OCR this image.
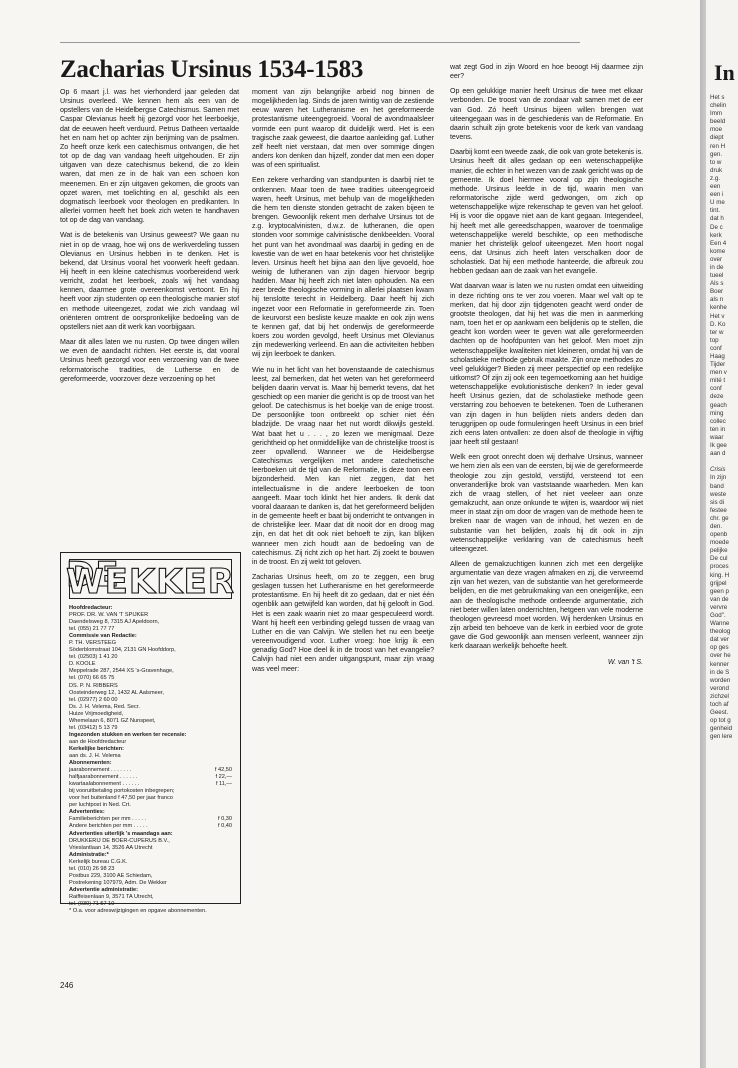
Zacharias Ursinus 1534-1583

Op 6 maart j.l. was het vierhonderd jaar geleden dat Ursinus overleed. We kennen hem als een van de opstellers van de Heidelbergse Catechismus. Samen met Caspar Olevianus heeft hij gezorgd voor het leerboekje, dat de eeuwen heeft verduurd. Petrus Datheen vertaalde het en nam het op achter zijn berijming van de psalmen. Zo heeft onze kerk een catechismus ontvangen, die het tot op de dag van vandaag heeft uitgehouden. Er zijn uitgaven van deze catechismus bekend, die zo klein waren, dat men ze in de hak van een schoen kon meenemen. En er zijn uitgaven gekomen, die groots van opzet waren, met toelichting en al, geschikt als een dogmatisch leerboek voor theologen en predikanten. In allerlei vormen heeft het boek zich weten te handhaven tot op de dag van vandaag.

Wat is de betekenis van Ursinus geweest? We gaan nu niet in op de vraag, hoe wij ons de werkverdeling tussen Olevianus en Ursinus hebben in te denken. Het is bekend, dat Ursinus vooral het voorwerk heeft gedaan. Hij heeft in een kleine catechismus voorbereidend werk verricht, zodat het leerboek, zoals wij het vandaag kennen, daarmee grote overeenkomst vertoont. En hij heeft voor zijn studenten op een theologische manier stof en methode uiteengezet, zodat wie zich vandaag wil oriënteren omtrent de oorspronkelijke bedoeling van de opstellers niet aan dit werk kan voorbijgaan.

Maar dit alles laten we nu rusten. Op twee dingen willen we even de aandacht richten. Het eerste is, dat vooral Ursinus heeft gezorgd voor een verzoening van de twee reformatorische tradities, de Lutherse en de gereformeerde, voorzover deze verzoening op het

moment van zijn belangrijke arbeid nog binnen de mogelijkheden lag. Sinds de jaren twintig van de zestiende eeuw waren het Lutheranisme en het gereformeerde protestantisme uiteengegroeid. Vooral de avondmaalsleer vormde een punt waarop dit duidelijk werd. Het is een tragische zaak geweest, die daartoe aanleiding gaf. Luther zelf heeft niet verstaan, dat men over sommige dingen anders kon denken dan hijzelf, zonder dat men een doper was of een spiritualist.

Een zekere verharding van standpunten is daarbij niet te ontkennen. Maar toen de twee tradities uiteengegroeid waren, heeft Ursinus, met behulp van de mogelijkheden die hem ten dienste stonden getracht de zaken bijeen te brengen. Gewoonlijk rekent men derhalve Ursinus tot de z.g. kryptocalvinisten, d.w.z. de lutheranen, die open stonden voor sommige calvinistische denkbeelden. Vooral het punt van het avondmaal was daarbij in geding en de kwestie van de wet en haar betekenis voor het christelijke leven. Ursinus heeft het bijna aan den lijve gevoeld, hoe weinig de lutheranen van zijn dagen hiervoor begrip hadden. Maar hij heeft zich niet laten ophouden. Na een zeer brede theologische vorming in allerlei plaatsen kwam hij tenslotte terecht in Heidelberg. Daar heeft hij zich ingezet voor een Reformatie in gereformeerde zin. Toen de keurvorst een besliste keuze maakte en ook zijn wens te kennen gaf, dat bij het onderwijs de gereformeerde koers zou worden gevolgd, heeft Ursinus met Olevianus zijn medewerking verleend. En aan die activiteiten hebben wij zijn leerboek te danken.

Wie nu in het licht van het bovenstaande de catechismus leest, zal bemerken, dat het weten van het gereformeerd belijden daarin vervat is. Maar hij bemerkt tevens, dat het geschiedt op een manier die gericht is op de troost van het geloof. De catechismus is het boekje van de enige troost. De persoonlijke toon ontbreekt op schier niet één bladzijde. De vraag naar het nut wordt dikwijls gesteld. Wat baat het u . . . , zo lezen we menigmaal. Deze gerichtheid op het onmiddellijke van de christelijke troost is zeer opvallend. Wanneer we de Heidelbergse Catechismus vergelijken met andere catechetische leerboeken uit de tijd van de Reformatie, is deze toon een bijzonderheid. Men kan niet zeggen, dat het intellectualisme in die andere leerboeken de toon aangeeft. Maar toch klinkt het hier anders. Ik denk dat vooral daaraan te danken is, dat het gereformeerd belijden in de gemeente heeft er baat bij onderricht te ontvangen in de christelijke leer. Maar dat dit nooit dor en droog mag zijn, en dat het dit ook niet behoeft te zijn, kan blijken wanneer men zich houdt aan de bedoeling van de catechismus. Zij richt zich op het hart. Zij zoekt te bouwen in de troost. En zij wekt tot geloven.

Zacharias Ursinus heeft, om zo te zeggen, een brug geslagen tussen het Lutheranisme en het gereformeerde protestantisme. En hij heeft dit zo gedaan, dat er niet één ogenblik aan getwijfeld kan worden, dat hij gelooft in God. Het is een zaak waarin niet zo maar gespeculeerd wordt. Want hij heeft een verbinding gelegd tussen de vraag van Luther en die van Calvijn. We stellen het nu een beetje vereenvoudigend voor. Luther vroeg: hoe krijg ik een genadig God? Hoe deel ik in de troost van het evangelie? Calvijn had niet een ander uitgangspunt, maar zijn vraag was veel meer:

wat zegt God in zijn Woord en hoe beoogt Hij daarmee zijn eer?

Op een gelukkige manier heeft Ursinus die twee met elkaar verbonden. De troost van de zondaar valt samen met de eer van God. Zó heeft Ursinus bijeen willen brengen wat uiteengegaan was in de geschiedenis van de Reformatie. En daarin schuilt zijn grote betekenis voor de kerk van vandaag tevens.

Daarbij komt een tweede zaak, die ook van grote betekenis is. Ursinus heeft dit alles gedaan op een wetenschappelijke manier, die echter in het wezen van de zaak gericht was op de gemeente. Ik doel hiermee vooral op zijn theologische methode. Ursinus leefde in de tijd, waarin men van reformatorische zijde werd gedwongen, om zich op wetenschappelijke wijze rekenschap te geven van het geloof. Hij is voor die opgave niet aan de kant gegaan. Integendeel, hij heeft met alle gereedschappen, waarover de toenmalige wetenschappelijke wereld beschikte, op een methodische manier het christelijk geloof uiteengezet. Men hoort nogal eens, dat Ursinus zich heeft laten verschalken door de scholastiek. Dat hij een methode hanteerde, die afbreuk zou hebben gedaan aan de zaak van het evangelie.

Wat daarvan waar is laten we nu rusten omdat een uitweiding in deze richting ons te ver zou voeren. Maar wel valt op te merken, dat hij door zijn tijdgenoten geacht werd onder de grootste theologen, dat hij het was die men in aanmerking nam, toen het er op aankwam een belijdenis op te stellen, die geacht kon worden weer te geven wat alle gereformeerden dachten op de hoofdpunten van het geloof. Men moet zijn wetenschappelijke kwaliteiten niet kleineren, omdat hij van de scholastieke methode gebruik maakte. Zijn onze methodes zo veel gelukkiger? Bieden zij meer perspectief op een redelijke uitkomst? Of zijn zij ook een tegemoetkoming aan het huidige wetenschappelijke evolutionistische denken? In ieder geval heeft Ursinus gezien, dat de scholastieke methode geen verstarring zou behoeven te betekenen. Toen de Lutheranen van zijn dagen in hun belijden niets anders deden dan teruggrijpen op oude formuleringen heeft Ursinus in een brief zich eens laten ontvallen: ze doen alsof de theologie in vijftig jaar heeft stil gestaan!

Welk een groot onrecht doen wij derhalve Ursinus, wanneer we hem zien als een van de eersten, bij wie de gereformeerde theologie zou zijn gestold, verstijfd, versteend tot een onveranderlijke brok van vaststaande waarheden. Men kan zich de vraag stellen, of het niet veeleer aan onze gemakzucht, aan onze onkunde te wijten is, waardoor wij niet meer in staat zijn om door de vragen van de methode heen te breken naar de vragen van de inhoud, het wezen en de substantie van het belijden, zoals hij dit ook in zijn wetenschappelijke verklaring van de catechismus heeft uiteengezet.

Alleen de gemakzuchtigen kunnen zich met een dergelijke argumentatie van deze vragen afmaken en zij, die vervreemd zijn van het wezen, van de substantie van het gereformeerde belijden, en die met gebruikmaking van een oneigenlijke, een aan de theologische methode ontleende argumentatie, zich niet beter willen laten onderrichten, hetgeen van vele moderne theologen gevreesd moet worden. Wij herdenken Ursinus en zijn arbeid ten behoeve van de kerk in eerbied voor de grote gave die God gewoonlijk aan mensen verleent, wanneer zijn kerk daaraan werkelijk behoefte heeft.

W. van 't S.
DE WEKKER
Hoofdredacteur:
PROF. DR. W. VAN 'T SPIJKER
Daendelsweg 8, 7315 AJ Apeldoorn,
tel. (055) 21 77 77
Commissie van Redactie:
P. TH. VERSTEEG
Söderblomstraat 104, 2131 GN Hoofddorp,
tel. (02503) 1 41 20
D. KOOLE
Meppelrade 287, 2544 XS 's-Gravenhage,
tel. (070) 66 65 75
DS. P. N. RIBBERS
Oosteinderweg 12, 1432 AL Aalsmeer,
tel. (02977) 2 60 00
Ds. J. H. Velema, Red. Secr.
Huize Vrijmoedigheid,
Whemelaan 6, 8071 GZ Nunspeet,
tel. (03412) 5 13 79
Ingezonden stukken en werken ter recensie:
aan de Hoofdredacteur
Kerkelijke berichten:
aan ds. J. H. Velema
Abonnementen:
jaarabonnement . . . . . . .	f 42,50
halfjaarabonnement . . . . . .	f 22,—
kwartaalabonnement . . . . . .	f 11,—
bij vooruitbetaling portokosten inbegrepen;
voor het buitenland f 47,50 per jaar franco
per luchtpost in Ned. Crt.
Advertenties:
Familieberichten per mm . . . . .	f 0,30
Andere berichten per mm . . . . .	f 0,40
Advertenties uiterlijk 's maandags aan:
DRUKKERIJ DE BOER-CUPERUS B.V.,
Vrieslantlaan 14, 3526 AA Utrecht
Administratie:*
Kerkelijk bureau C.G.K.
tel. (010) 26 98 23
Postbus 229, 3100 AE Schiedam,
Postrekening 107979, Adm. De Wekker
Advertentie administratie:
Raiffeisenlaan 9, 3571 TA Utrecht,
tel. (030) 71 57 10
* O.a. voor adreswijzigingen en opgave abonnementen.
246
In
Het s
chelin
Imm
beeld
moe
diept
ren H
gen.
to w
druk
z.g.
een
een i
U me
tint.
dat h
De c
kerk
Een 4
kome
over
in de
tueel
Als s
Boer
als n
kenhe
Het v
D. Ko
ter w
top
conf
Haag
Tijder
men v
mité t
conf
deze
geach
ming
collec
ten in
waar
Ik gee
aan d

Crisis
In zijn
band
weste
sis di
festee
chr. ge
den.
openb
moede
pelijke
De cul
proces
king. H
grijpel
geen p
van de
vervre
God''.
Wanne
theolog
dat ver
op ges
over he
kenner
in de S
worden
verond
zichzel
toch af
Geest.
op tot g
genheid
gen lere
